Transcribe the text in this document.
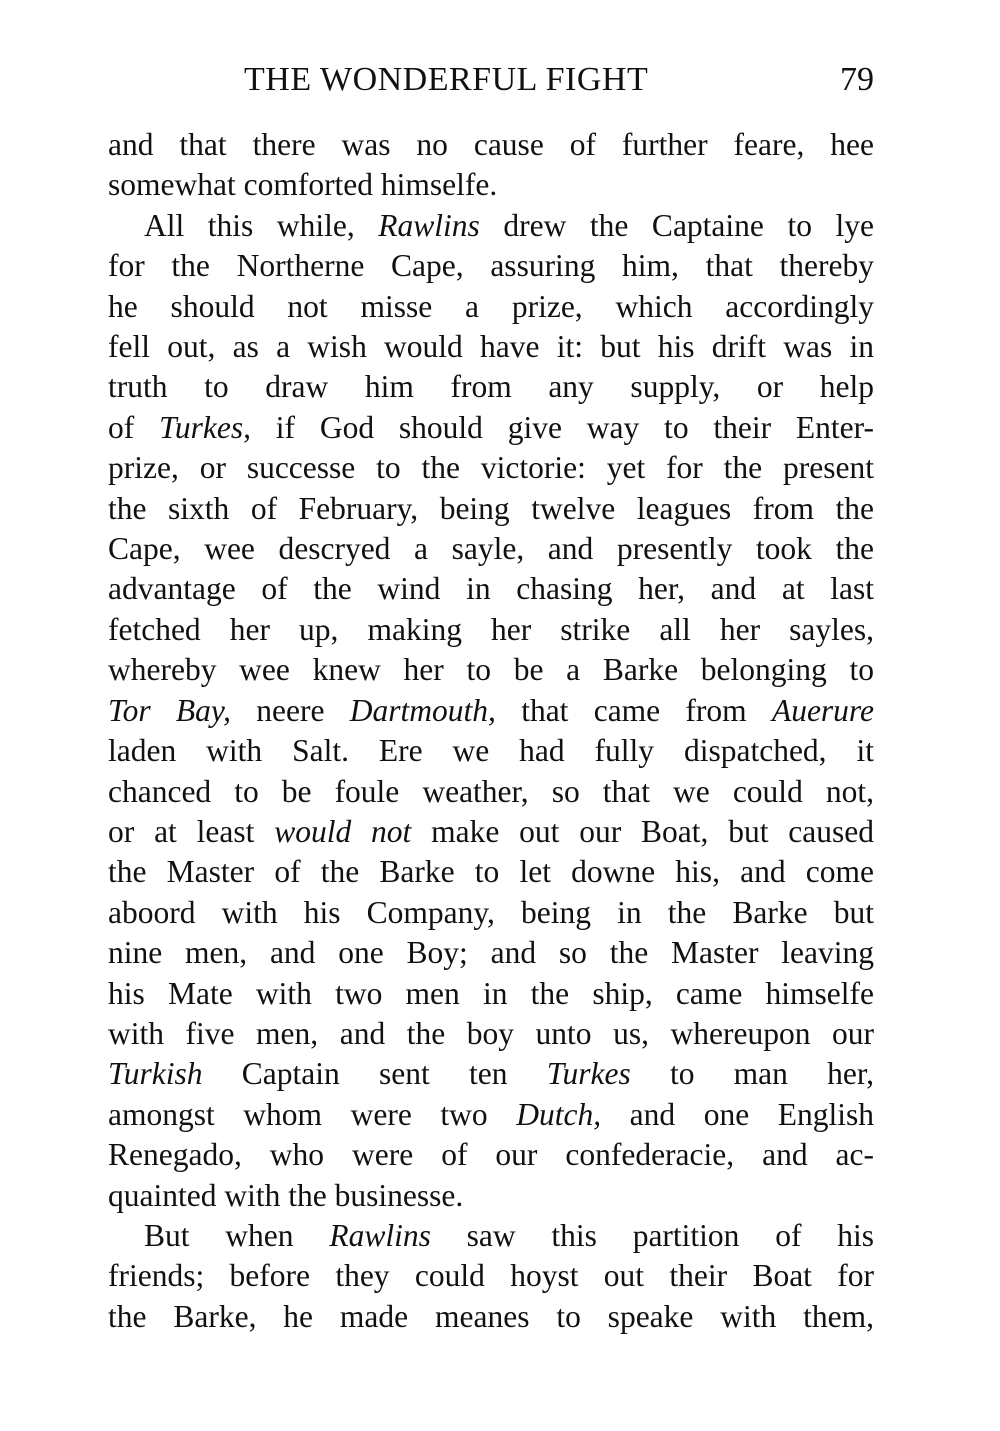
THE WONDERFUL FIGHT	79
and that there was no cause of further feare, hee
somewhat comforted himselfe.
All this while, Rawlins drew the Captaine to lye
for the Northerne Cape, assuring him, that thereby
he should not misse a prize, which accordingly
fell out, as a wish would have it: but his drift was in
truth to draw him from any supply, or help
of Turkes, if God should give way to their Enter-
prize, or successe to the victorie: yet for the present
the sixth of February, being twelve leagues from the
Cape, wee descryed a sayle, and presently took the
advantage of the wind in chasing her, and at last
fetched her up, making her strike all her sayles,
whereby wee knew her to be a Barke belonging to
Tor Bay, neere Dartmouth, that came from Auerure
laden with Salt. Ere we had fully dispatched, it
chanced to be foule weather, so that we could not,
or at least would not make out our Boat, but caused
the Master of the Barke to let downe his, and come
aboord with his Company, being in the Barke but
nine men, and one Boy; and so the Master leaving
his Mate with two men in the ship, came himselfe
with five men, and the boy unto us, whereupon our
Turkish Captain sent ten Turkes to man her,
amongst whom were two Dutch, and one English
Renegado, who were of our confederacie, and ac-
quainted with the businesse.
But when Rawlins saw this partition of his
friends; before they could hoyst out their Boat for
the Barke, he made meanes to speake with them,
